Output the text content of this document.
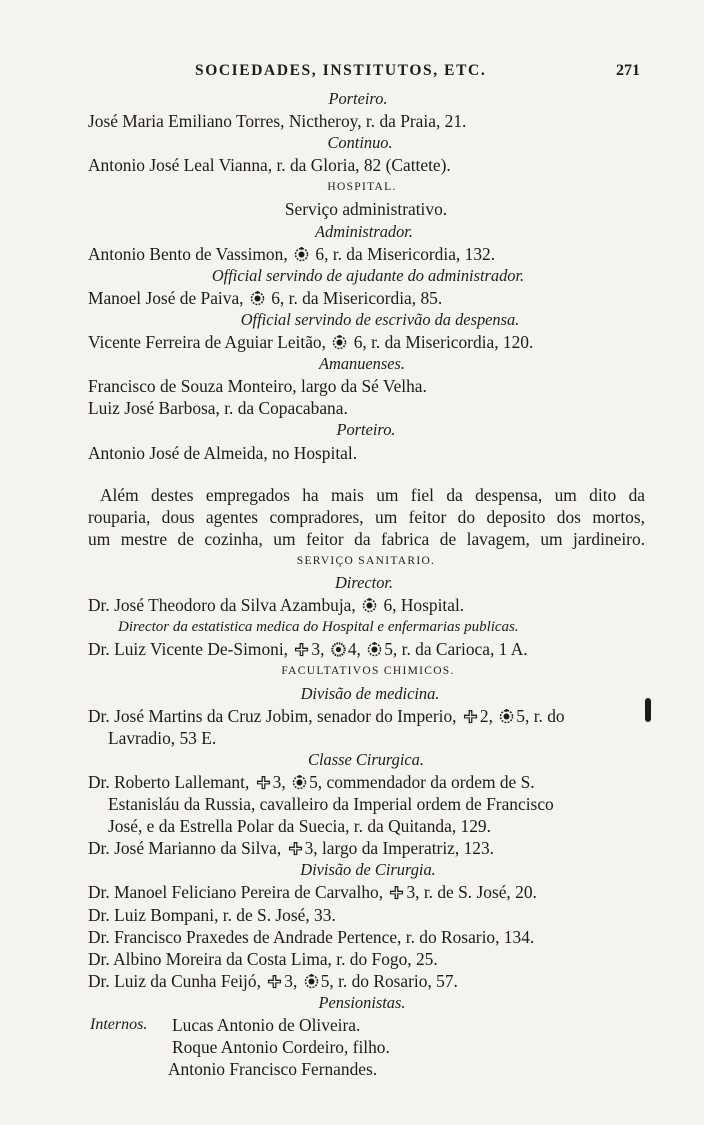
SOCIEDADES, INSTITUTOS, ETC.	271
Porteiro.
José Maria Emiliano Torres, Nictheroy, r. da Praia, 21.
Continuo.
Antonio José Leal Vianna, r. da Gloria, 82 (Cattete).
HOSPITAL.
Serviço administrativo.
Administrador.
Antonio Bento de Vassimon, 6, r. da Misericordia, 132.
Official servindo de ajudante do administrador.
Manoel José de Paiva, 6, r. da Misericordia, 85.
Official servindo de escrivão da despensa.
Vicente Ferreira de Aguiar Leitão, 6, r. da Misericordia, 120.
Amanuenses.
Francisco de Souza Monteiro, largo da Sé Velha.
Luiz José Barbosa, r. da Copacabana.
Porteiro.
Antonio José de Almeida, no Hospital.
Além destes empregados ha mais um fiel da despensa, um dito da
rouparia, dous agentes compradores, um feitor do deposito dos mortos,
um mestre de cozinha, um feitor da fabrica de lavagem, um jardineiro.
SERVIÇO SANITARIO.
Director.
Dr. José Theodoro da Silva Azambuja, 6, Hospital.
Director da estatistica medica do Hospital e enfermarias publicas.
Dr. Luiz Vicente De-Simoni, 3, 4, 5, r. da Carioca, 1 A.
FACULTATIVOS CHIMICOS.
Divisão de medicina.
Dr. José Martins da Cruz Jobim, senador do Imperio, 2, 5, r. do
Lavradio, 53 E.
Classe Cirurgica.
Dr. Roberto Lallemant, 3, 5, commendador da ordem de S.
Estanisláu da Russia, cavalleiro da Imperial ordem de Francisco
José, e da Estrella Polar da Suecia, r. da Quitanda, 129.
Dr. José Marianno da Silva, 3, largo da Imperatriz, 123.
Divisão de Cirurgia.
Dr. Manoel Feliciano Pereira de Carvalho, 3, r. de S. José, 20.
Dr. Luiz Bompani, r. de S. José, 33.
Dr. Francisco Praxedes de Andrade Pertence, r. do Rosario, 134.
Dr. Albino Moreira da Costa Lima, r. do Fogo, 25.
Dr. Luiz da Cunha Feijó, 3, 5, r. do Rosario, 57.
Pensionistas.
Internos. Lucas Antonio de Oliveira.
Roque Antonio Cordeiro, filho.
Antonio Francisco Fernandes.
